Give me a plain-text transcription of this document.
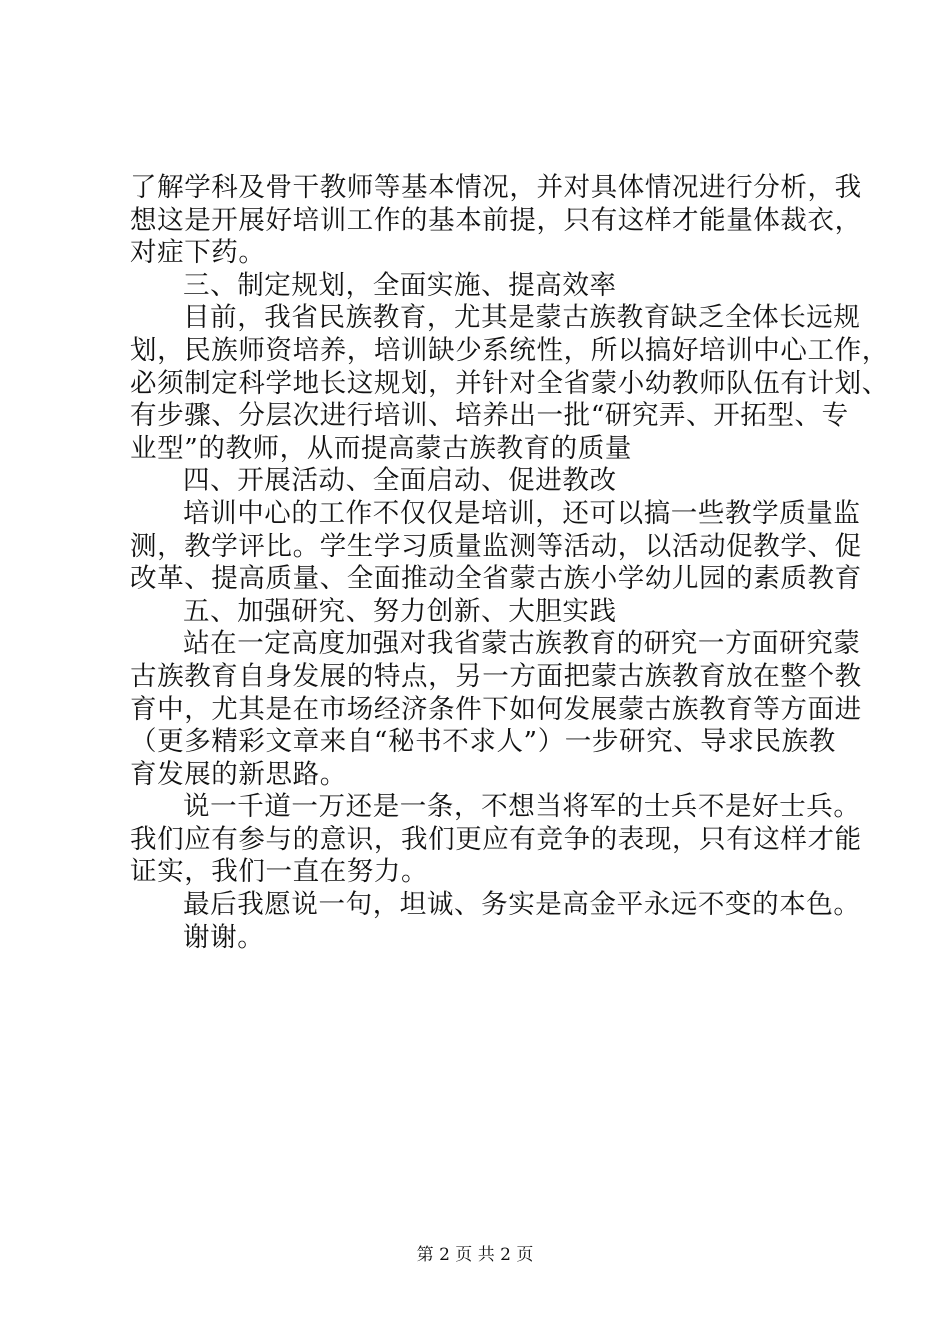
了解学科及骨干教师等基本情况，并对具体情况进行分析，我
想这是开展好培训工作的基本前提，只有这样才能量体裁衣，
对症下药。
三、制定规划，全面实施、提高效率
目前，我省民族教育，尤其是蒙古族教育缺乏全体长远规
划，民族师资培养，培训缺少系统性，所以搞好培训中心工作，
必须制定科学地长这规划，并针对全省蒙小幼教师队伍有计划、
有步骤、分层次进行培训、培养出一批“研究弄、开拓型、专
业型”的教师，从而提高蒙古族教育的质量
四、开展活动、全面启动、促进教改
培训中心的工作不仅仅是培训，还可以搞一些教学质量监
测，教学评比。学生学习质量监测等活动，以活动促教学、促
改革、提高质量、全面推动全省蒙古族小学幼儿园的素质教育
五、加强研究、努力创新、大胆实践
站在一定高度加强对我省蒙古族教育的研究一方面研究蒙
古族教育自身发展的特点，另一方面把蒙古族教育放在整个教
育中，尤其是在市场经济条件下如何发展蒙古族教育等方面进
（更多精彩文章来自“秘书不求人”）一步研究、导求民族教
育发展的新思路。
说一千道一万还是一条，不想当将军的士兵不是好士兵。
我们应有参与的意识，我们更应有竞争的表现，只有这样才能
证实，我们一直在努力。
最后我愿说一句，坦诚、务实是高金平永远不变的本色。
谢谢。
第 2 页 共 2 页
